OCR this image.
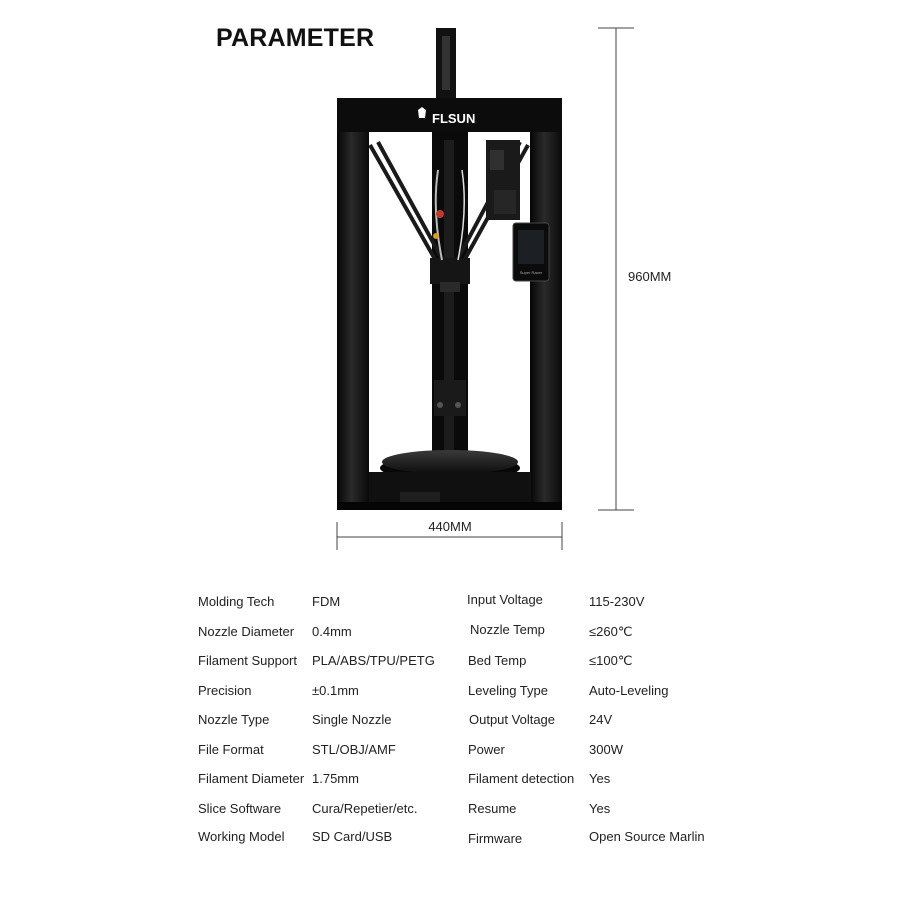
PARAMETER
FLSUN
Super Racer	960MM
440MM
Molding Tech	FDM	Input Voltage	115-230V
Nozzle Diameter 0.4mm	Nozzle Temp	≤260℃
Filament Support PLA/ABS/TPU/PETG	Bed Temp	≤100℃
Precision	±0.1mm	Leveling Type	Auto-Leveling
Nozzle Type	Single Nozzle	Output Voltage	24V
File Format	STL/OBJ/AMF	Power	300W
Filament Diameter 1.75mm	Filament detection Yes
Slice Software Cura/Repetier/etc.	Resume	Yes
Working Model SD Card/USB	Firmware	Open Source Marlin
